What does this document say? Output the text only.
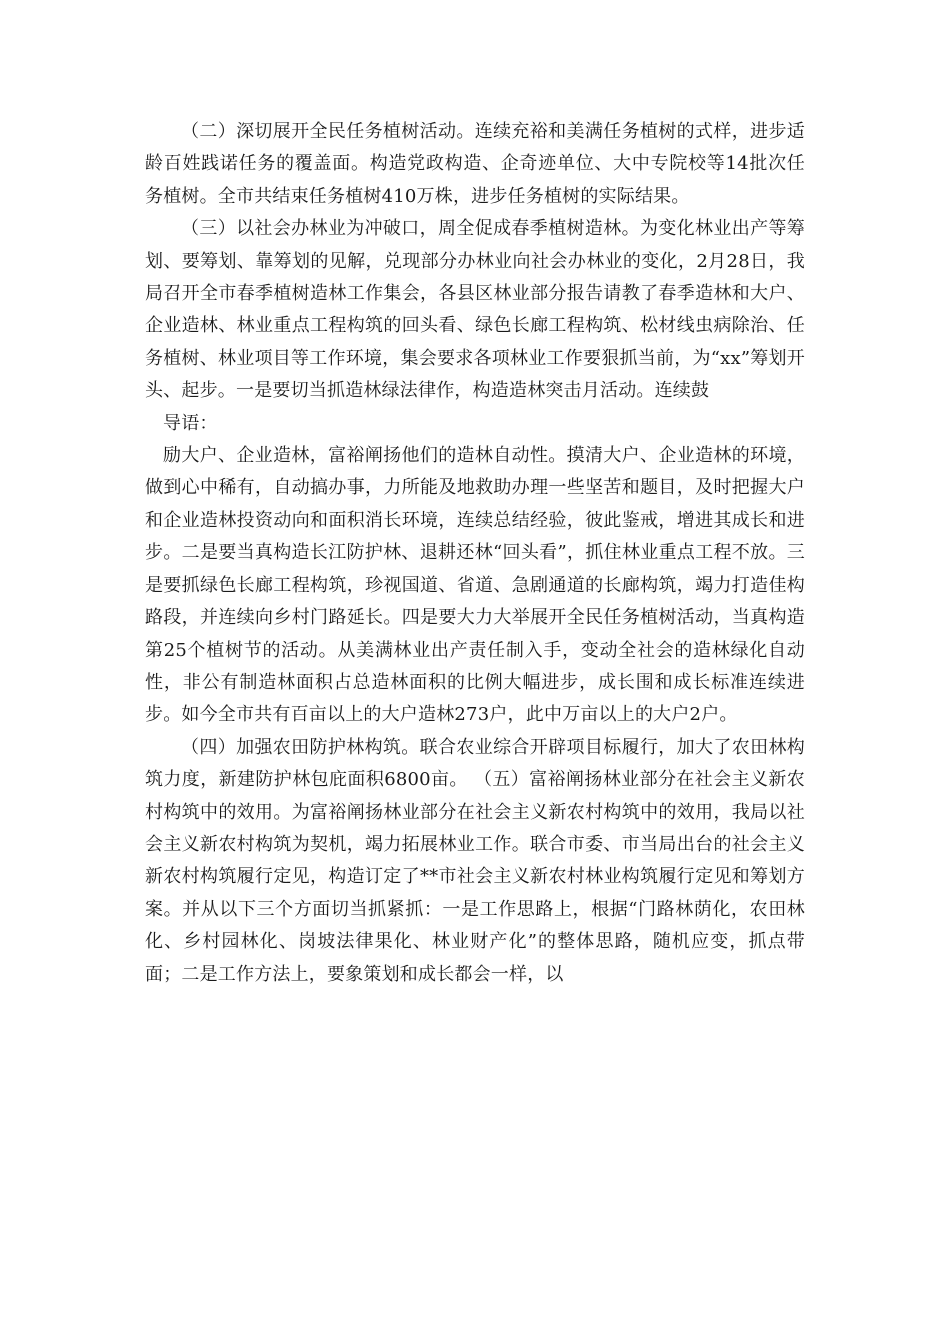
（二）深切展开全民任务植树活动。连续充裕和美满任务植树的式样，进步适龄百姓践诺任务的覆盖面。构造党政构造、企奇迹单位、大中专院校等14批次任务植树。全市共结束任务植树410万株，进步任务植树的实际结果。

（三）以社会办林业为冲破口，周全促成春季植树造林。为变化林业出产等筹划、要筹划、靠筹划的见解，兑现部分办林业向社会办林业的变化，2月28日，我局召开全市春季植树造林工作集会，各县区林业部分报告请教了春季造林和大户、企业造林、林业重点工程构筑的回头看、绿色长廊工程构筑、松材线虫病除治、任务植树、林业项目等工作环境，集会要求各项林业工作要狠抓当前，为“xx”筹划开头、起步。一是要切当抓造林绿法律作，构造造林突击月活动。连续鼓

导语：

励大户、企业造林，富裕阐扬他们的造林自动性。摸清大户、企业造林的环境，做到心中稀有，自动搞办事，力所能及地救助办理一些坚苦和题目，及时把握大户和企业造林投资动向和面积消长环境，连续总结经验，彼此鉴戒，增进其成长和进步。二是要当真构造长江防护林、退耕还林“回头看”，抓住林业重点工程不放。三是要抓绿色长廊工程构筑，珍视国道、省道、急剧通道的长廊构筑，竭力打造佳构路段，并连续向乡村门路延长。四是要大力大举展开全民任务植树活动，当真构造第25个植树节的活动。从美满林业出产责任制入手，变动全社会的造林绿化自动性，非公有制造林面积占总造林面积的比例大幅进步，成长围和成长标准连续进步。如今全市共有百亩以上的大户造林273户，此中万亩以上的大户2户。

（四）加强农田防护林构筑。联合农业综合开辟项目标履行，加大了农田林构筑力度，新建防护林包庇面积6800亩。 （五）富裕阐扬林业部分在社会主义新农村构筑中的效用。为富裕阐扬林业部分在社会主义新农村构筑中的效用，我局以社会主义新农村构筑为契机，竭力拓展林业工作。联合市委、市当局出台的社会主义新农村构筑履行定见，构造订定了**市社会主义新农村林业构筑履行定见和筹划方案。并从以下三个方面切当抓紧抓：一是工作思路上，根据“门路林荫化，农田林化、乡村园林化、岗坡法律果化、林业财产化”的整体思路，随机应变，抓点带面；二是工作方法上，要象策划和成长都会一样，以
